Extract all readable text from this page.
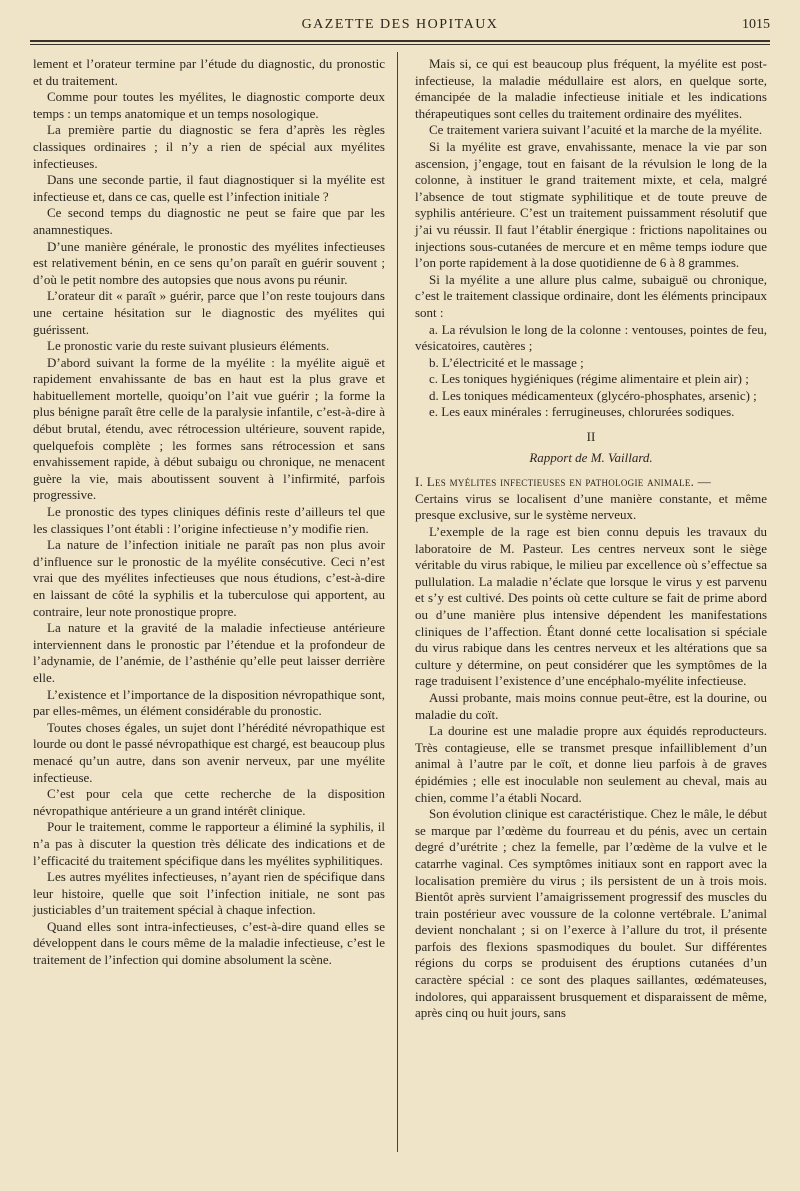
GAZETTE DES HOPITAUX	1015

lement et l’orateur termine par l’étude du diagnostic, du pronostic et du traitement.

Comme pour toutes les myélites, le diagnostic comporte deux temps : un temps anatomique et un temps nosologique.

La première partie du diagnostic se fera d’après les règles classiques ordinaires ; il n’y a rien de spécial aux myélites infectieuses.

Dans une seconde partie, il faut diagnostiquer si la myélite est infectieuse et, dans ce cas, quelle est l’infection initiale ?

Ce second temps du diagnostic ne peut se faire que par les anamnestiques.

D’une manière générale, le pronostic des myélites infectieuses est relativement bénin, en ce sens qu’on paraît en guérir souvent ; d’où le petit nombre des autopsies que nous avons pu réunir.

L’orateur dit « paraît » guérir, parce que l’on reste toujours dans une certaine hésitation sur le diagnostic des myélites qui guérissent.

Le pronostic varie du reste suivant plusieurs éléments.

D’abord suivant la forme de la myélite : la myélite aiguë et rapidement envahissante de bas en haut est la plus grave et habituellement mortelle, quoiqu’on l’ait vue guérir ; la forme la plus bénigne paraît être celle de la paralysie infantile, c’est-à-dire à début brutal, étendu, avec rétrocession ultérieure, souvent rapide, quelquefois complète ; les formes sans rétrocession et sans envahissement rapide, à début subaigu ou chronique, ne menacent guère la vie, mais aboutissent souvent à l’infirmité, parfois progressive.

Le pronostic des types cliniques définis reste d’ailleurs tel que les classiques l’ont établi : l’origine infectieuse n’y modifie rien.

La nature de l’infection initiale ne paraît pas non plus avoir d’influence sur le pronostic de la myélite consécutive. Ceci n’est vrai que des myélites infectieuses que nous étudions, c’est-à-dire en laissant de côté la syphilis et la tuberculose qui apportent, au contraire, leur note pronostique propre.

La nature et la gravité de la maladie infectieuse antérieure interviennent dans le pronostic par l’étendue et la profondeur de l’adynamie, de l’anémie, de l’asthénie qu’elle peut laisser derrière elle.

L’existence et l’importance de la disposition névropathique sont, par elles-mêmes, un élément considérable du pronostic.

Toutes choses égales, un sujet dont l’hérédité névropathique est lourde ou dont le passé névropathique est chargé, est beaucoup plus menacé qu’un autre, dans son avenir nerveux, par une myélite infectieuse.

C’est pour cela que cette recherche de la disposition névropathique antérieure a un grand intérêt clinique.

Pour le traitement, comme le rapporteur a éliminé la syphilis, il n’a pas à discuter la question très délicate des indications et de l’efficacité du traitement spécifique dans les myélites syphilitiques.

Les autres myélites infectieuses, n’ayant rien de spécifique dans leur histoire, quelle que soit l’infection initiale, ne sont pas justiciables d’un traitement spécial à chaque infection.

Quand elles sont intra-infectieuses, c’est-à-dire quand elles se développent dans le cours même de la maladie infectieuse, c’est le traitement de l’infection qui domine absolument la scène.

Mais si, ce qui est beaucoup plus fréquent, la myélite est post-infectieuse, la maladie médullaire est alors, en quelque sorte, émancipée de la maladie infectieuse initiale et les indications thérapeutiques sont celles du traitement ordinaire des myélites.

Ce traitement variera suivant l’acuité et la marche de la myélite.

Si la myélite est grave, envahissante, menace la vie par son ascension, j’engage, tout en faisant de la révulsion le long de la colonne, à instituer le grand traitement mixte, et cela, malgré l’absence de tout stigmate syphilitique et de toute preuve de syphilis antérieure. C’est un traitement puissamment résolutif que j’ai vu réussir. Il faut l’établir énergique : frictions napolitaines ou injections sous-cutanées de mercure et en même temps iodure que l’on porte rapidement à la dose quotidienne de 6 à 8 grammes.

Si la myélite a une allure plus calme, subaiguë ou chronique, c’est le traitement classique ordinaire, dont les éléments principaux sont :

a. La révulsion le long de la colonne : ventouses, pointes de feu, vésicatoires, cautères ;

b. L’électricité et le massage ;

c. Les toniques hygiéniques (régime alimentaire et plein air) ;

d. Les toniques médicamenteux (glycéro-phosphates, arsenic) ;

e. Les eaux minérales : ferrugineuses, chlorurées sodiques.

II

Rapport de M. Vaillard.

I. Les myélites infectieuses en pathologie animale. —

Certains virus se localisent d’une manière constante, et même presque exclusive, sur le système nerveux.

L’exemple de la rage est bien connu depuis les travaux du laboratoire de M. Pasteur. Les centres nerveux sont le siège véritable du virus rabique, le milieu par excellence où s’effectue sa pullulation. La maladie n’éclate que lorsque le virus y est parvenu et s’y est cultivé. Des points où cette culture se fait de prime abord ou d’une manière plus intensive dépendent les manifestations cliniques de l’affection. Étant donné cette localisation si spéciale du virus rabique dans les centres nerveux et les altérations que sa culture y détermine, on peut considérer que les symptômes de la rage traduisent l’existence d’une encéphalo-myélite infectieuse.

Aussi probante, mais moins connue peut-être, est la dourine, ou maladie du coït.

La dourine est une maladie propre aux équidés reproducteurs. Très contagieuse, elle se transmet presque infailliblement d’un animal à l’autre par le coït, et donne lieu parfois à de graves épidémies ; elle est inoculable non seulement au cheval, mais au chien, comme l’a établi Nocard.

Son évolution clinique est caractéristique. Chez le mâle, le début se marque par l’œdème du fourreau et du pénis, avec un certain degré d’urétrite ; chez la femelle, par l’œdème de la vulve et le catarrhe vaginal. Ces symptômes initiaux sont en rapport avec la localisation première du virus ; ils persistent de un à trois mois. Bientôt après survient l’amaigrissement progressif des muscles du train postérieur avec voussure de la colonne vertébrale. L’animal devient nonchalant ; si on l’exerce à l’allure du trot, il présente parfois des flexions spasmodiques du boulet. Sur différentes régions du corps se produisent des éruptions cutanées d’un caractère spécial : ce sont des plaques saillantes, œdémateuses, indolores, qui apparaissent brusquement et disparaissent de même, après cinq ou huit jours, sans
